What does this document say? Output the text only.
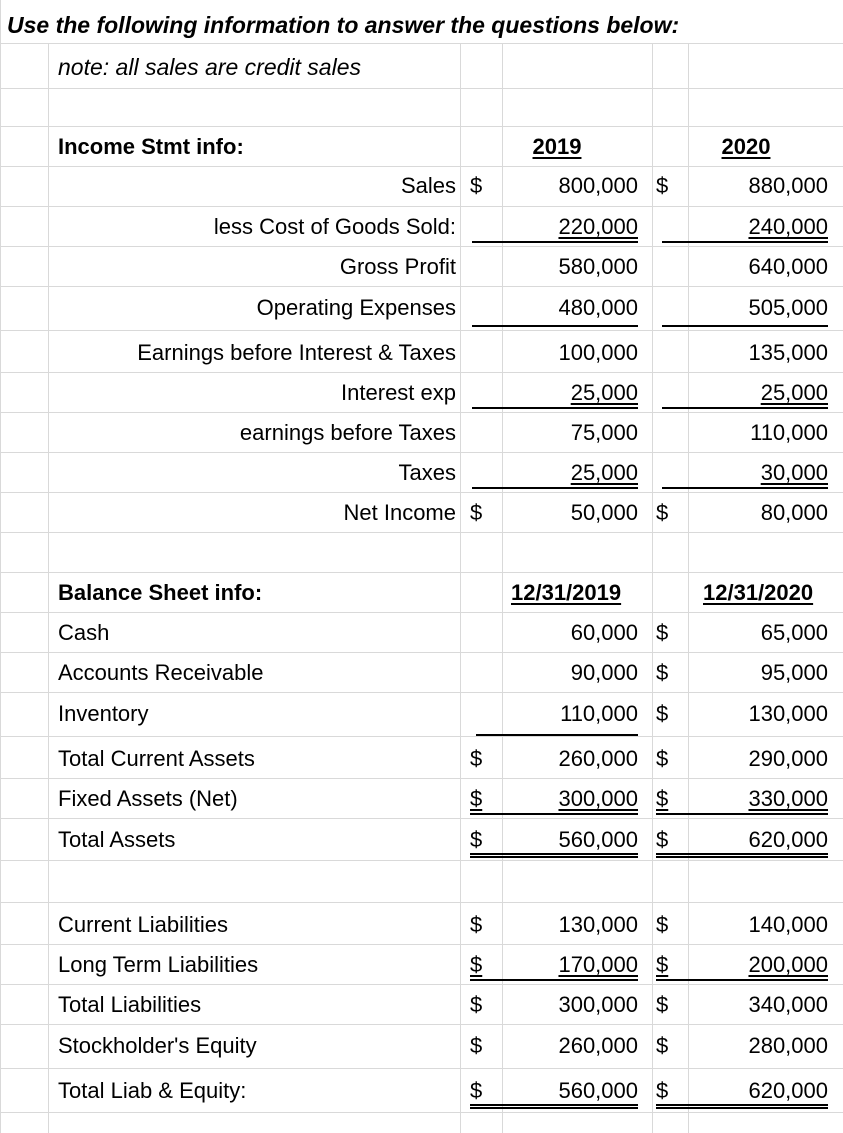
Use the following information to answer the questions below:
note: all sales are credit sales
Income Stmt info:	2019	2020
Sales $	800,000 $	880,000
less Cost of Goods Sold:	220,000	240,000
Gross Profit	580,000	640,000
Operating Expenses	480,000	505,000
Earnings before Interest & Taxes	100,000	135,000
Interest exp	25,000	25,000
earnings before Taxes	75,000	110,000
Taxes	25,000	30,000
Net Income $	50,000 $	80,000
Balance Sheet info:	12/31/2019	12/31/2020
Cash	60,000 $	65,000
Accounts Receivable	90,000 $	95,000
Inventory	110,000 $	130,000
Total Current Assets	$	260,000 $	290,000
Fixed Assets (Net)	$	300,000 $	330,000
Total Assets	$	560,000 $	620,000
Current Liabilities	$	130,000 $	140,000
Long Term Liabilities	$	170,000 $	200,000
Total Liabilities	$	300,000 $	340,000
Stockholder's Equity	$	260,000 $	280,000
Total Liab & Equity:	$	560,000 $	620,000
